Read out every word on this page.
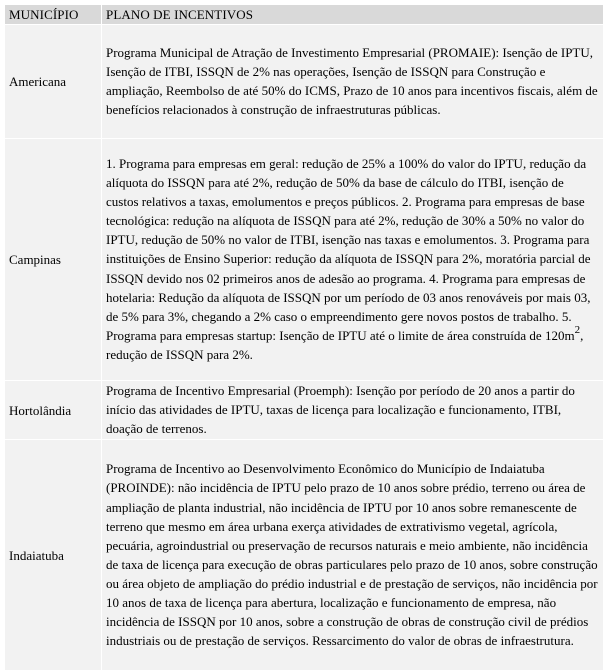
MUNICÍPIO	PLANO DE INCENTIVOS
Americana	Programa Municipal de Atração de Investimento Empresarial (PROMAIE): Isenção de IPTU, Isenção de ITBI, ISSQN de 2% nas operações, Isenção de ISSQN para Construção e ampliação, Reembolso de até 50% do ICMS, Prazo de 10 anos para incentivos fiscais, além de benefícios relacionados à construção de infraestruturas públicas.
Campinas	1. Programa para empresas em geral: redução de 25% a 100% do valor do IPTU, redução da alíquota do ISSQN para até 2%, redução de 50% da base de cálculo do ITBI, isenção de custos relativos a taxas, emolumentos e preços públicos. 2. Programa para empresas de base tecnológica: redução na alíquota de ISSQN para até 2%, redução de 30% a 50% no valor do IPTU, redução de 50% no valor de ITBI, isenção nas taxas e emolumentos. 3. Programa para instituições de Ensino Superior: redução da alíquota de ISSQN para 2%, moratória parcial de ISSQN devido nos 02 primeiros anos de adesão ao programa. 4. Programa para empresas de hotelaria: Redução da alíquota de ISSQN por um período de 03 anos renováveis por mais 03, de 5% para 3%, chegando a 2% caso o empreendimento gere novos postos de trabalho. 5. Programa para empresas startup: Isenção de IPTU até o limite de área construída de $120m^2$, redução de ISSQN para 2%.
Hortolândia	Programa de Incentivo Empresarial (Proemph): Isenção por período de 20 anos a partir do início das atividades de IPTU, taxas de licença para localização e funcionamento, ITBI, doação de terrenos.
Indaiatuba	Programa de Incentivo ao Desenvolvimento Econômico do Município de Indaiatuba (PROINDE): não incidência de IPTU pelo prazo de 10 anos sobre prédio, terreno ou área de ampliação de planta industrial, não incidência de IPTU por 10 anos sobre remanescente de terreno que mesmo em área urbana exerça atividades de extrativismo vegetal, agrícola, pecuária, agroindustrial ou preservação de recursos naturais e meio ambiente, não incidência de taxa de licença para execução de obras particulares pelo prazo de 10 anos, sobre construção ou área objeto de ampliação do prédio industrial e de prestação de serviços, não incidência por 10 anos de taxa de licença para abertura, localização e funcionamento de empresa, não incidência de ISSQN por 10 anos, sobre a construção de obras de construção civil de prédios industriais ou de prestação de serviços. Ressarcimento do valor de obras de infraestrutura.
